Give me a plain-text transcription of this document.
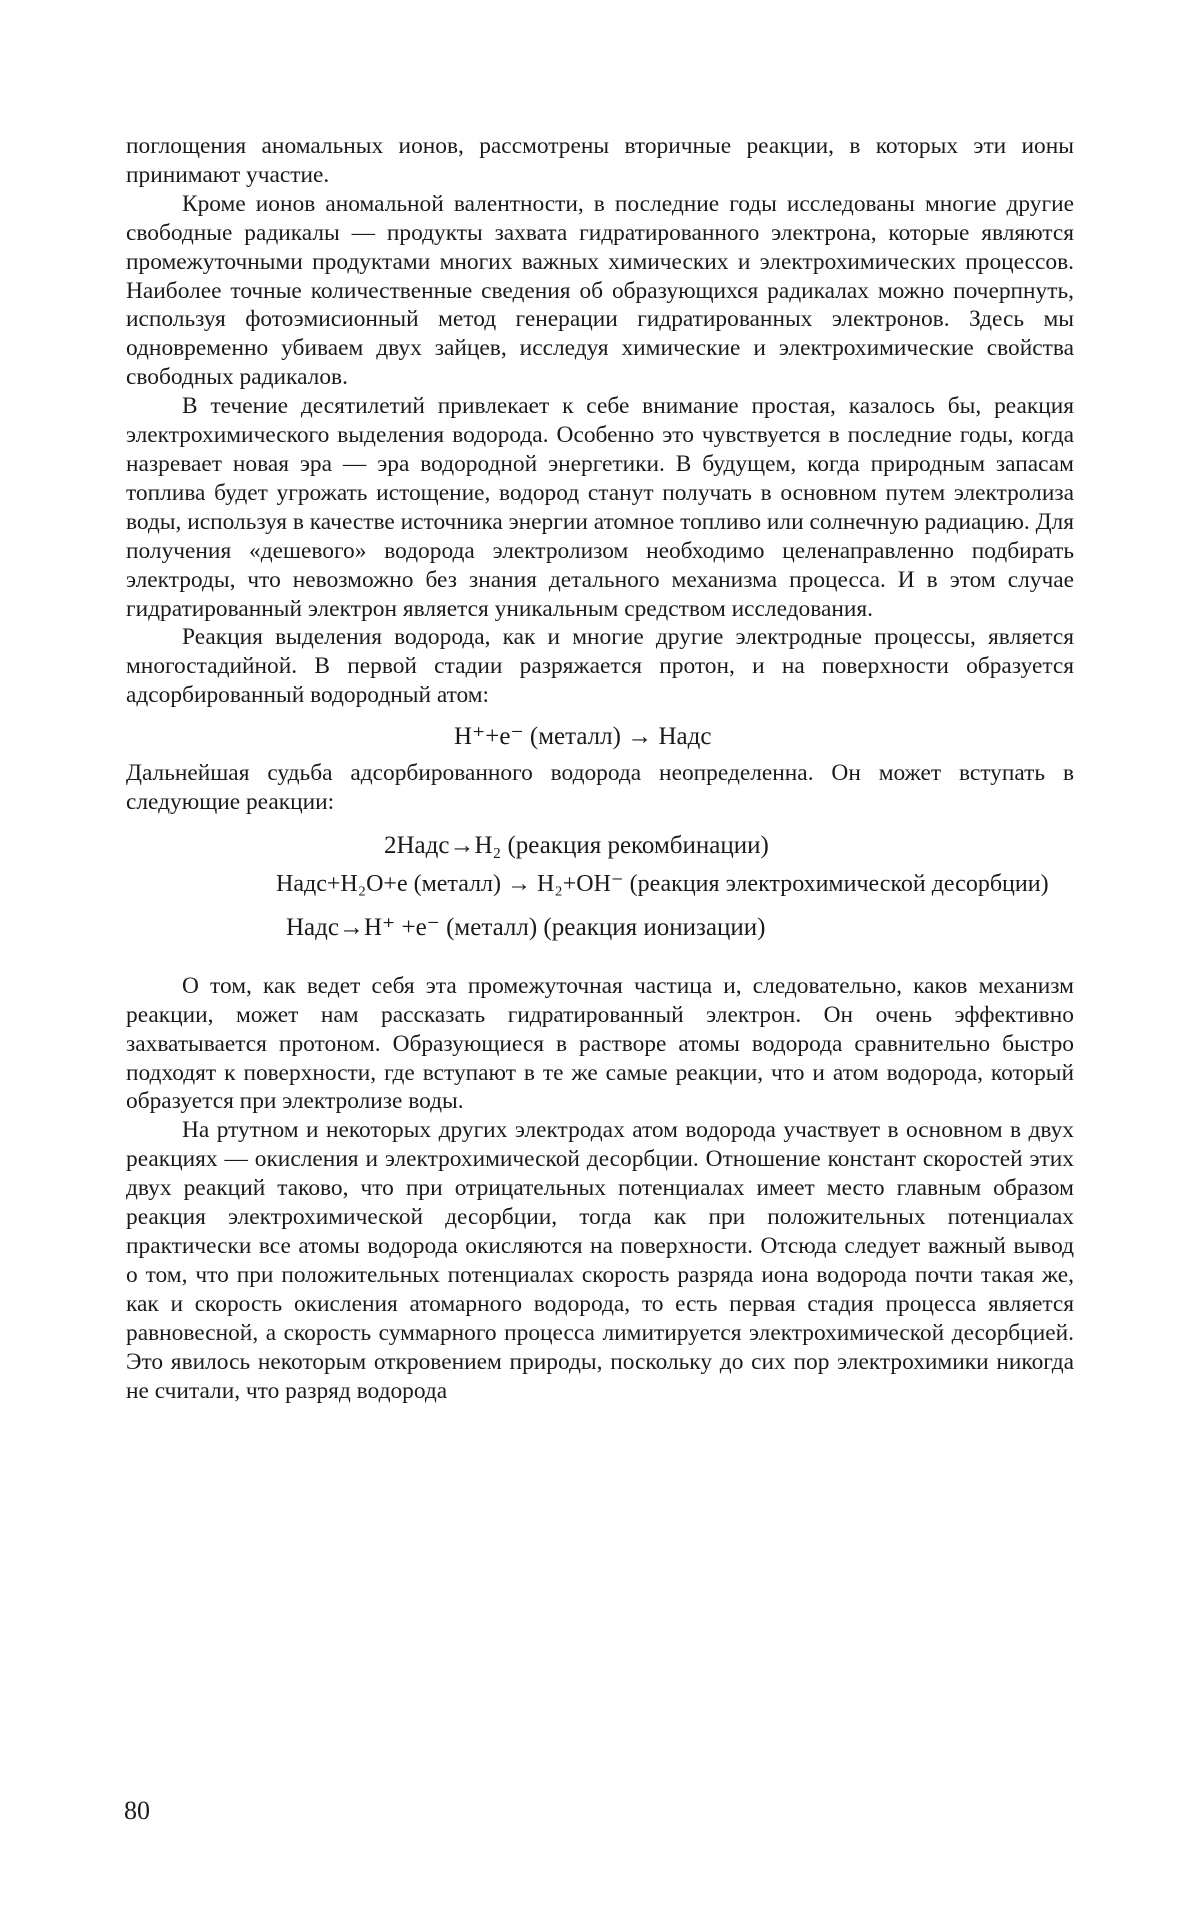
поглощения аномальных ионов, рассмотрены вторичные реакции, в которых эти ионы принимают участие.

Кроме ионов аномальной валентности, в последние годы исследованы многие другие свободные радикалы — продукты захвата гидратированного электрона, которые являются промежуточными продуктами многих важных химических и электрохимических процессов. Наиболее точные количественные сведения об образующихся радикалах можно почерпнуть, используя фотоэмисионный метод генерации гидратированных электронов. Здесь мы одновременно убиваем двух зайцев, исследуя химические и электрохимические свойства свободных радикалов.

В течение десятилетий привлекает к себе внимание простая, казалось бы, реакция электрохимического выделения водорода. Особенно это чувствуется в последние годы, когда назревает новая эра — эра водородной энергетики. В будущем, когда природным запасам топлива будет угрожать истощение, водород станут получать в основном путем электролиза воды, используя в качестве источника энергии атомное топливо или солнечную радиацию. Для получения «дешевого» водорода электролизом необходимо целенаправленно подбирать электроды, что невозможно без знания детального механизма процесса. И в этом случае гидратированный электрон является уникальным средством исследования.

Реакция выделения водорода, как и многие другие электродные процессы, является многостадийной. В первой стадии разряжается протон, и на поверхности образуется адсорбированный водородный атом:

H⁺+e⁻ (металл) → Hадс

Дальнейшая судьба адсорбированного водорода неопределенна. Он может вступать в следующие реакции:

2Hадс→H₂ (реакция рекомбинации)

Hадс+H₂O+e (металл) → H₂+OH⁻ (реакция электрохимической десорбции)

Hадс→H⁺ +e⁻ (металл) (реакция ионизации)

О том, как ведет себя эта промежуточная частица и, следовательно, каков механизм реакции, может нам рассказать гидратированный электрон. Он очень эффективно захватывается протоном. Образующиеся в растворе атомы водорода сравнительно быстро подходят к поверхности, где вступают в те же самые реакции, что и атом водорода, который образуется при электролизе воды.

На ртутном и некоторых других электродах атом водорода участвует в основном в двух реакциях — окисления и электрохимической десорбции. Отношение констант скоростей этих двух реакций таково, что при отрицательных потенциалах имеет место главным образом реакция электрохимической десорбции, тогда как при положительных потенциалах практически все атомы водорода окисляются на поверхности. Отсюда следует важный вывод о том, что при положительных потенциалах скорость разряда иона водорода почти такая же, как и скорость окисления атомарного водорода, то есть первая стадия процесса является равновесной, а скорость суммарного процесса лимитируется электрохимической десорбцией. Это явилось некоторым откровением природы, поскольку до сих пор электрохимики никогда не считали, что разряд водорода

80
